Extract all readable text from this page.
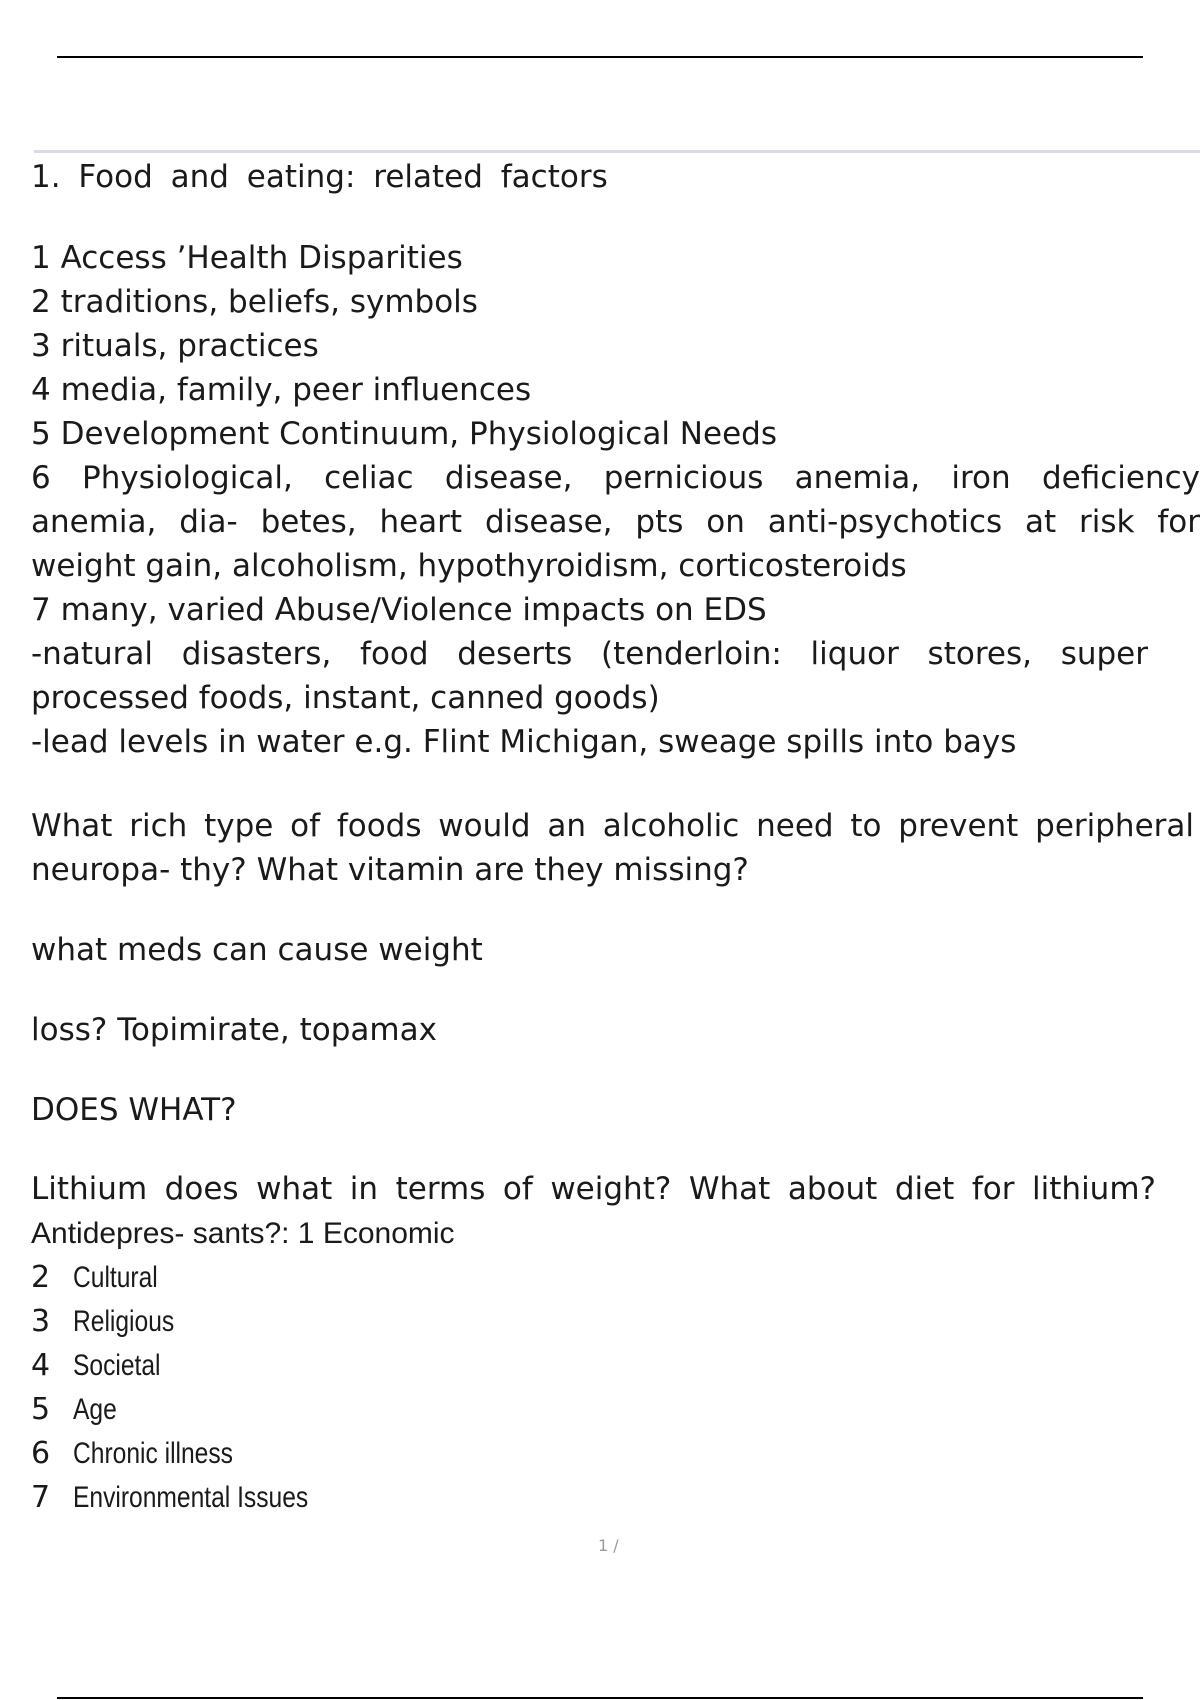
1. Food and eating: related factors

1 Access ’Health Disparities

2 traditions, beliefs, symbols

3 rituals, practices

4 media, family, peer influences

5 Development Continuum, Physiological Needs

6 Physiological, celiac disease, pernicious anemia, iron deficiency

anemia, dia- betes, heart disease, pts on anti-psychotics at risk for

weight gain, alcoholism, hypothyroidism, corticosteroids

7 many, varied Abuse/Violence impacts on EDS

-natural disasters, food deserts (tenderloin: liquor stores, super

processed foods, instant, canned goods)

-lead levels in water e.g. Flint Michigan, sweage spills into bays

What rich type of foods would an alcoholic need to prevent peripheral

neuropa- thy? What vitamin are they missing?

what meds can cause weight

loss? Topimirate, topamax

DOES WHAT?

Lithium does what in terms of weight? What about diet for lithium?

Antidepres- sants?: 1 Economic

2 Cultural

3 Religious

4 Societal

5 Age

6 Chronic illness

7 Environmental Issues

1 /
